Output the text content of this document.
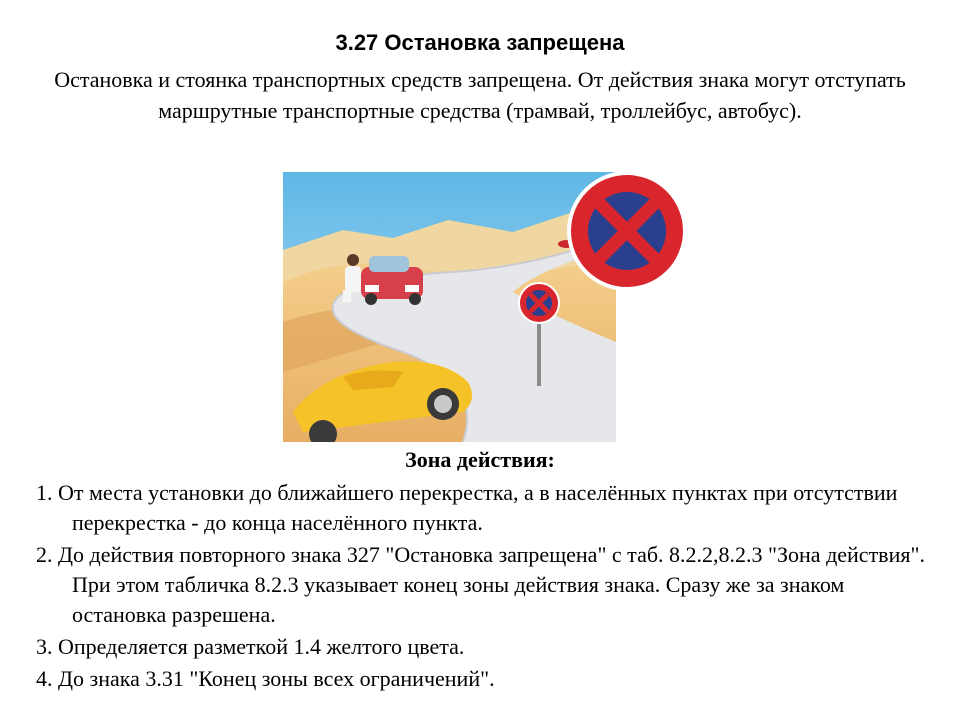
3.27 Остановка запрещена
Остановка и стоянка транспортных средств запрещена. От действия знака могут отступать маршрутные транспортные средства (трамвай, троллейбус, автобус).
Зона действия:
1. От места установки до ближайшего перекрестка, а в населённых пунктах при отсутствии перекрестка - до конца населённого пункта.
2. До действия повторного знака 327 "Остановка запрещена" с таб. 8.2.2,8.2.3 "Зона действия". При этом табличка 8.2.3 указывает конец зоны действия знака. Сразу же за знаком остановка разрешена.
3. Определяется разметкой 1.4 желтого цвета.
4. До знака 3.31 "Конец зоны всех ограничений".
